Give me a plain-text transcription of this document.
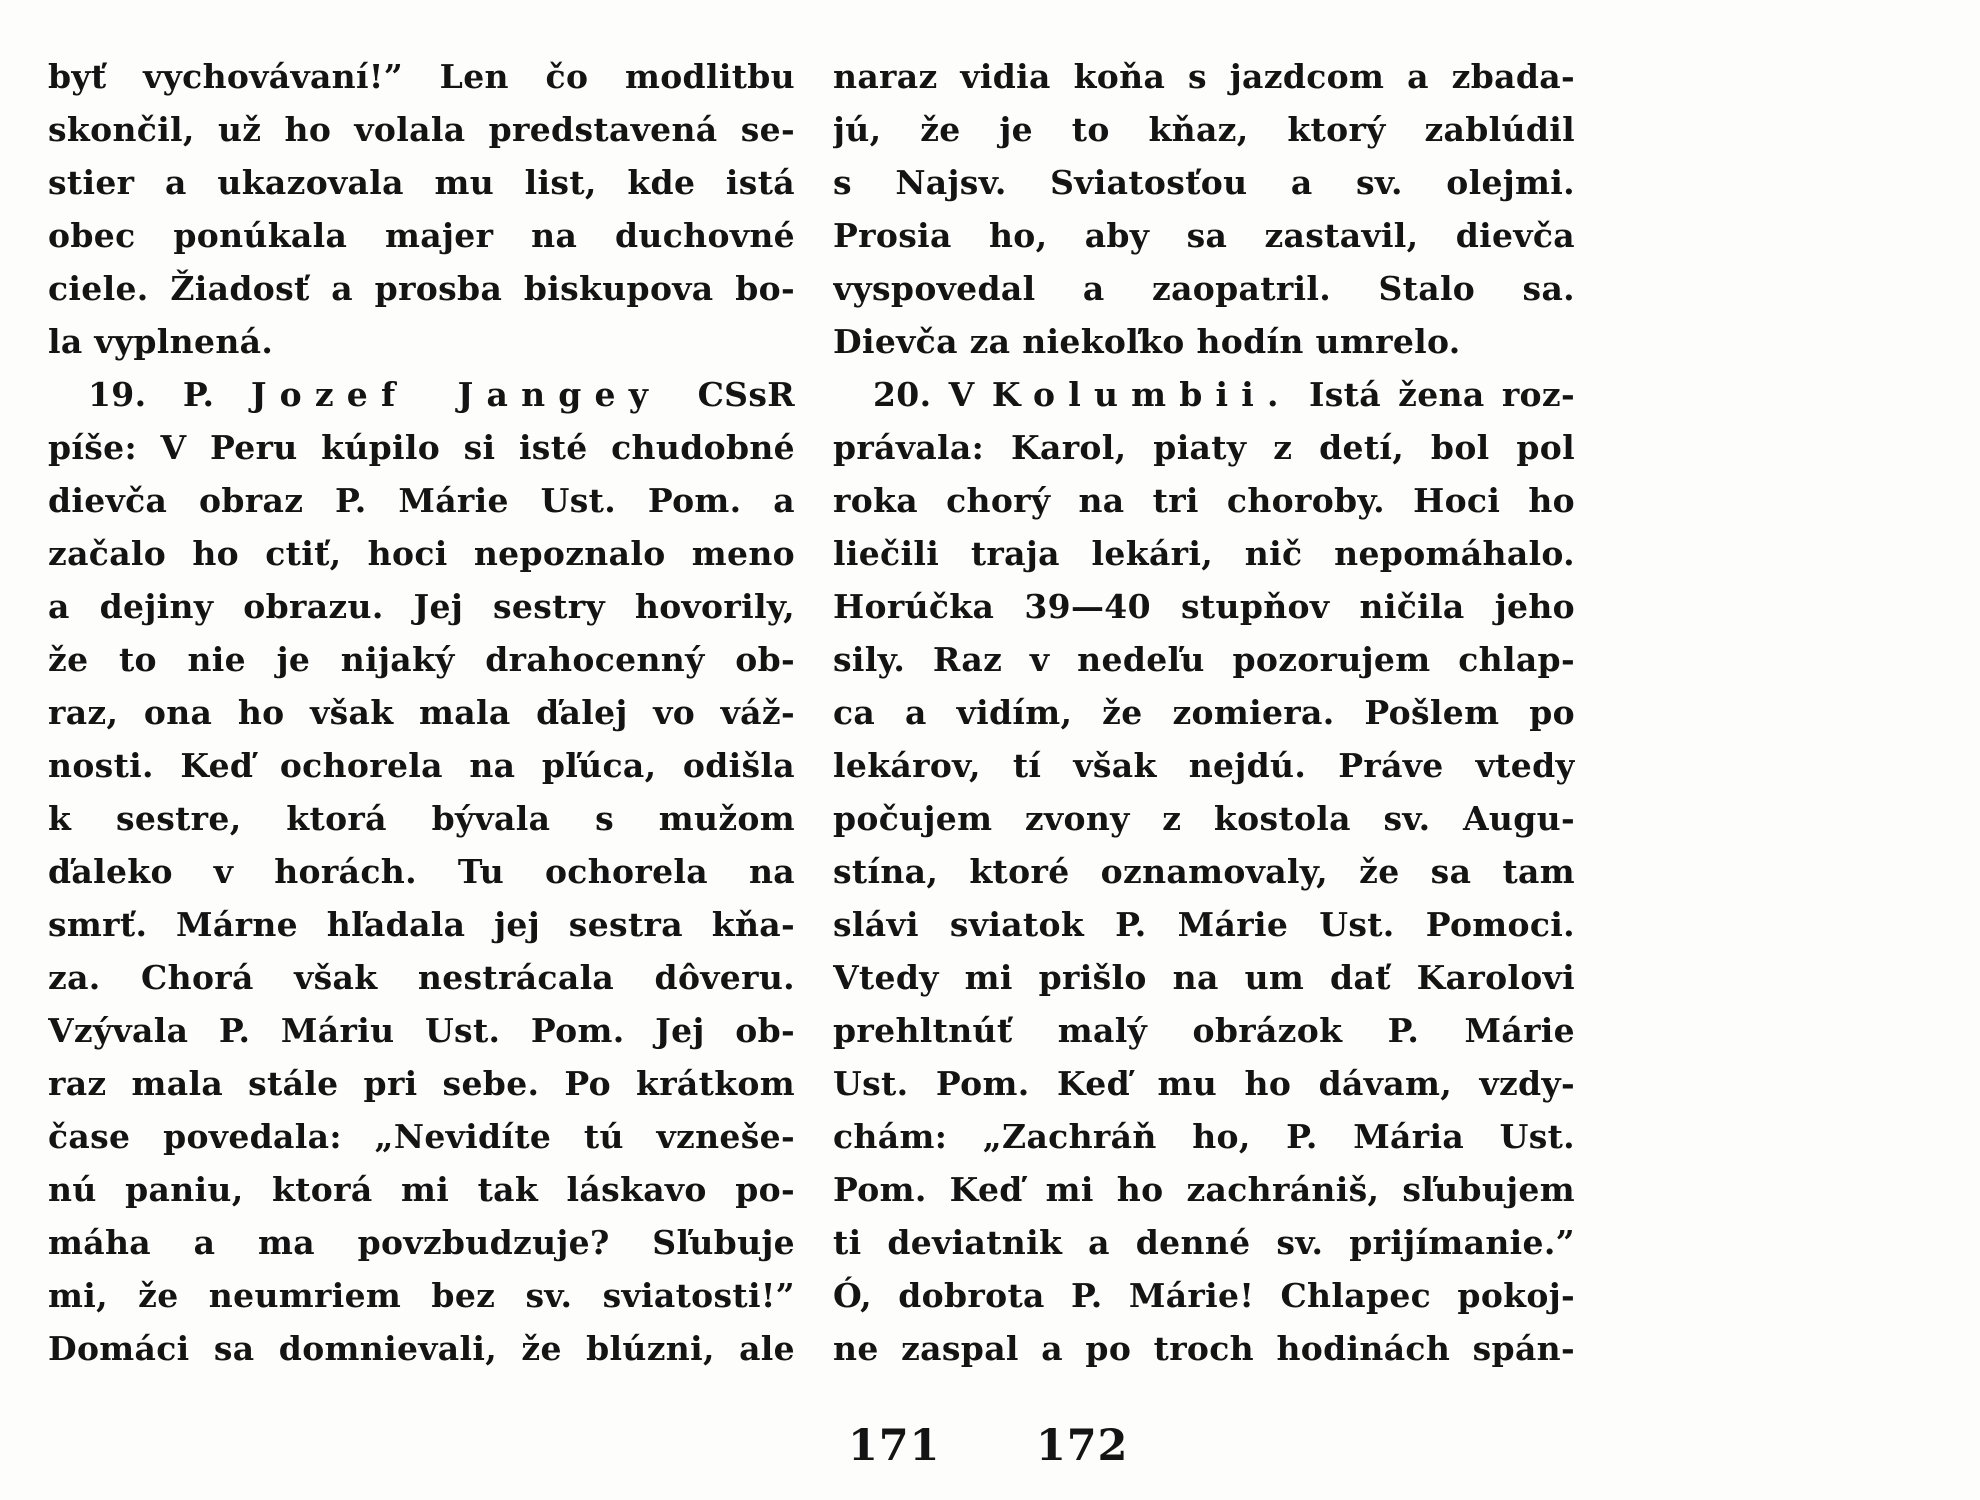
byť vychovávaní!” Len čo modlitbu
skončil, už ho volala predstavená se-
stier a ukazovala mu list, kde istá
obec ponúkala majer na duchovné
ciele. Žiadosť a prosba biskupova bo-
la vyplnená.
19. P. Jozef Jangey CSsR
píše: V Peru kúpilo si isté chudobné
dievča obraz P. Márie Ust. Pom. a
začalo ho ctiť, hoci nepoznalo meno
a dejiny obrazu. Jej sestry hovorily,
že to nie je nijaký drahocenný ob-
raz, ona ho však mala ďalej vo váž-
nosti. Keď ochorela na pľúca, odišla
k sestre, ktorá bývala s mužom
ďaleko v horách. Tu ochorela na
smrť. Márne hľadala jej sestra kňa-
za. Chorá však nestrácala dôveru.
Vzývala P. Máriu Ust. Pom. Jej ob-
raz mala stále pri sebe. Po krátkom
čase povedala: „Nevidíte tú vzneše-
nú paniu, ktorá mi tak láskavo po-
máha a ma povzbudzuje? Sľubuje
mi, že neumriem bez sv. sviatosti!”
Domáci sa domnievali, že blúzni, ale
naraz vidia koňa s jazdcom a zbada-
jú, že je to kňaz, ktorý zablúdil
s Najsv. Sviatosťou a sv. olejmi.
Prosia ho, aby sa zastavil, dievča
vyspovedal a zaopatril. Stalo sa.
Dievča za niekoľko hodín umrelo.
20. V Kolumbii. Istá žena roz-
právala: Karol, piaty z detí, bol pol
roka chorý na tri choroby. Hoci ho
liečili traja lekári, nič nepomáhalo.
Horúčka 39—40 stupňov ničila jeho
sily. Raz v nedeľu pozorujem chlap-
ca a vidím, že zomiera. Pošlem po
lekárov, tí však nejdú. Práve vtedy
počujem zvony z kostola sv. Augu-
stína, ktoré oznamovaly, že sa tam
slávi sviatok P. Márie Ust. Pomoci.
Vtedy mi prišlo na um dať Karolovi
prehltnúť malý obrázok P. Márie
Ust. Pom. Keď mu ho dávam, vzdy-
chám: „Zachráň ho, P. Mária Ust.
Pom. Keď mi ho zachrániš, sľubujem
ti deviatnik a denné sv. prijímanie.”
Ó, dobrota P. Márie! Chlapec pokoj-
ne zaspal a po troch hodinách spán-
171 172
